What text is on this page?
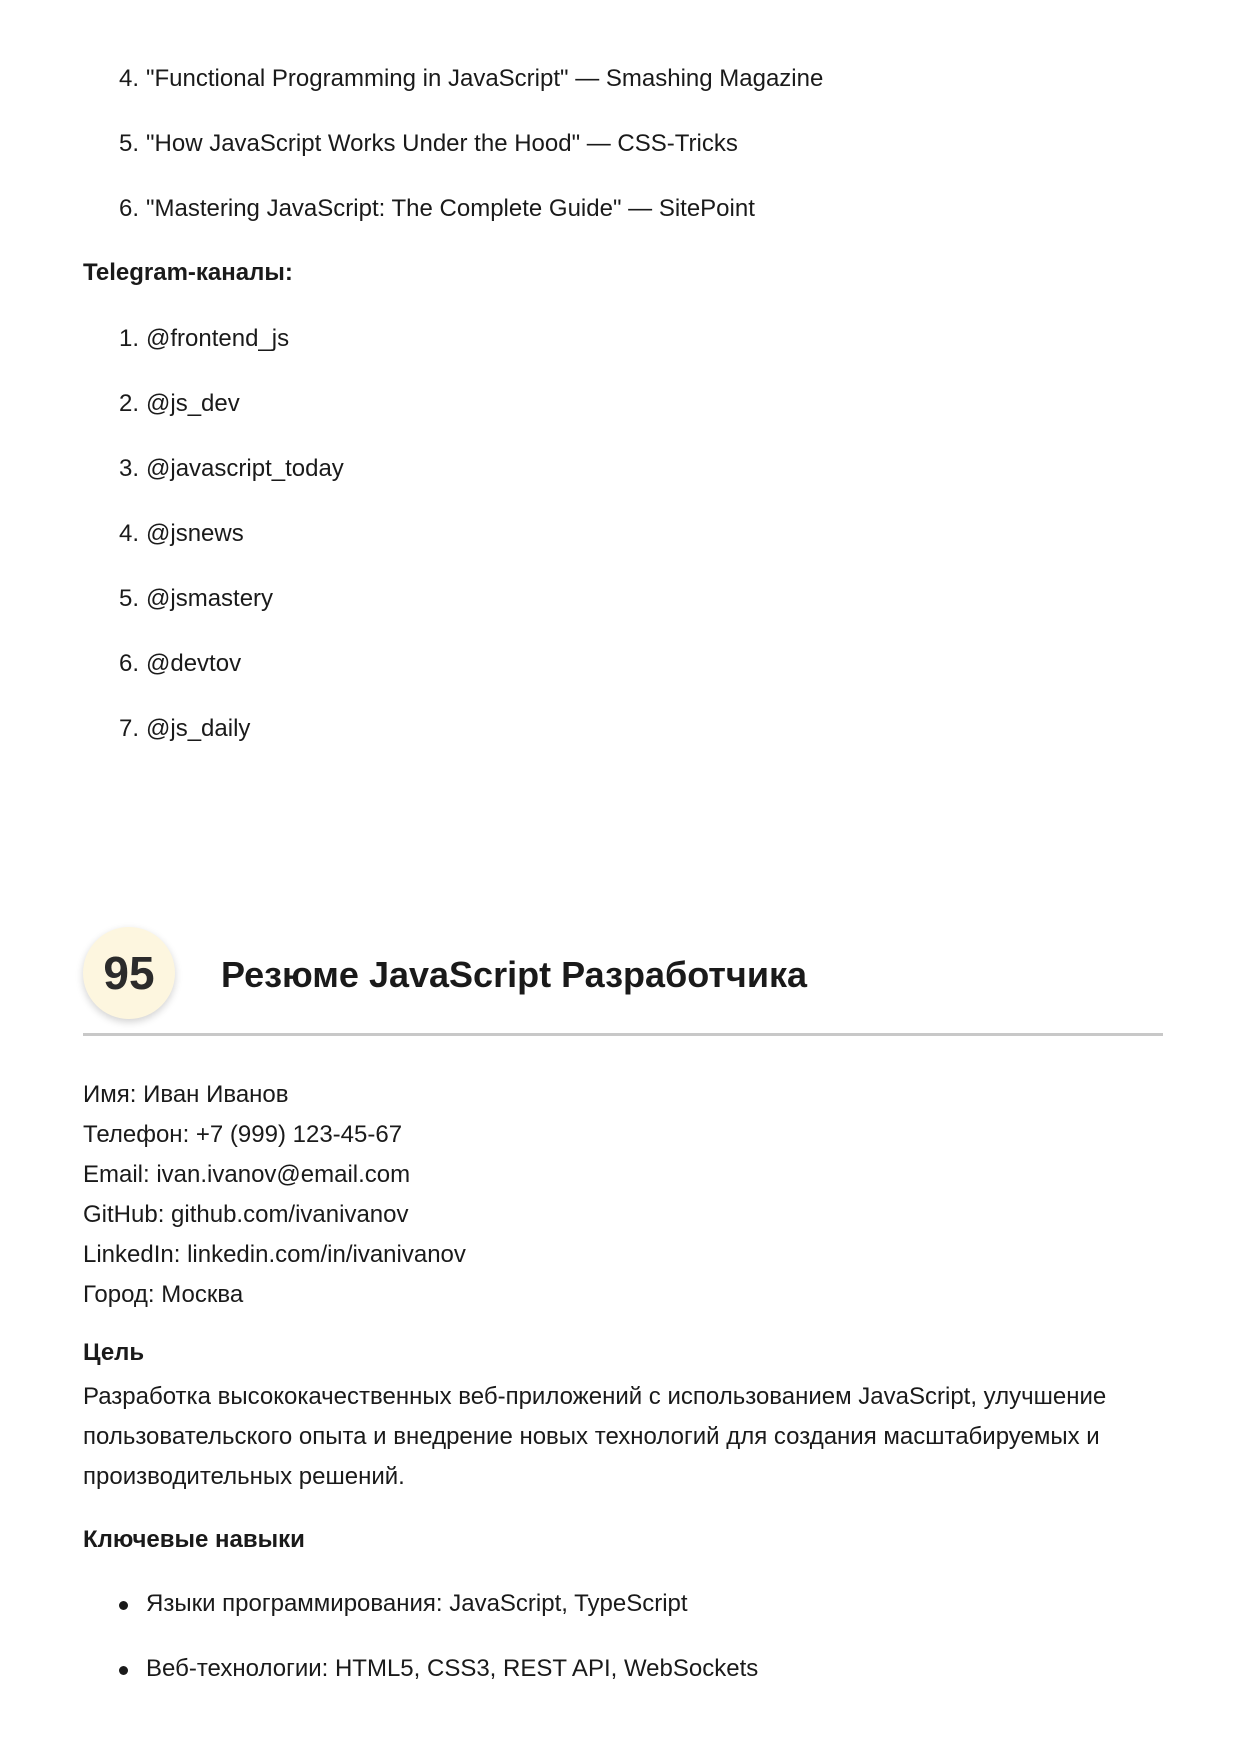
4. "Functional Programming in JavaScript" — Smashing Magazine
5. "How JavaScript Works Under the Hood" — CSS-Tricks
6. "Mastering JavaScript: The Complete Guide" — SitePoint
Telegram-каналы:
1. @frontend_js
2. @js_dev
3. @javascript_today
4. @jsnews
5. @jsmastery
6. @devtov
7. @js_daily
95	Резюме JavaScript Разработчика
Имя: Иван Иванов
Телефон: +7 (999) 123-45-67
Email: ivan.ivanov@email.com
GitHub: github.com/ivanivanov
LinkedIn: linkedin.com/in/ivanivanov
Город: Москва
Цель
Разработка высококачественных веб-приложений с использованием JavaScript, улучшение пользовательского опыта и внедрение новых технологий для создания масштабируемых и производительных решений.
Ключевые навыки
Языки программирования: JavaScript, TypeScript
Веб-технологии: HTML5, CSS3, REST API, WebSockets
